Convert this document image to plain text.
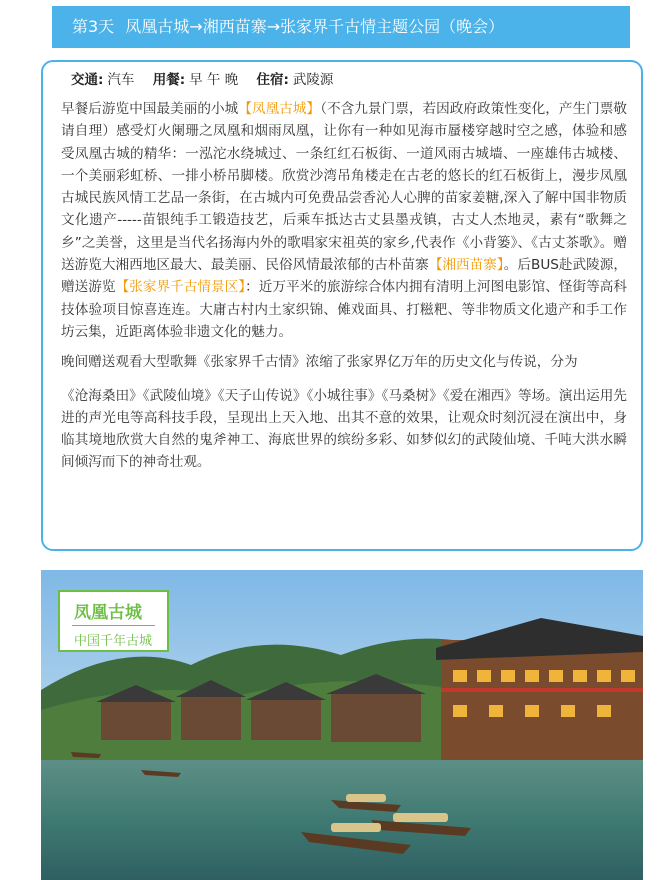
第3天 凤凰古城→湘西苗寨→张家界千古情主题公园（晚会）
交通: 汽车 用餐: 早 午 晚 住宿: 武陵源

早餐后游览中国最美丽的小城【凤凰古城】（不含九景门票，若因政府政策性变化，产生门票敬请自理）感受灯火阑珊之凤凰和烟雨凤凰，让你有一种如见海市蜃楼穿越时空之感，体验和感受凤凰古城的精华：一泓沱水绕城过、一条红红石板街、一道风雨古城墙、一座雄伟古城楼、一个美丽彩虹桥、一排小桥吊脚楼。欣赏沙湾吊角楼走在古老的悠长的红石板街上，漫步凤凰古城民族风情工艺品一条街，在古城内可免费品尝香沁人心脾的苗家姜糖,深入了解中国非物质文化遗产-----苗银纯手工锻造技艺，后乘车抵达古丈县墨戎镇，古丈人杰地灵，素有“歌舞之乡”之美誉，这里是当代名扬海内外的歌唱家宋祖英的家乡,代表作《小背篓》、《古丈茶歌》。赠送游览大湘西地区最大、最美丽、民俗风情最浓郁的古朴苗寨【湘西苗寨】。后BUS赴武陵源，赠送游览【张家界千古情景区】：近万平米的旅游综合体内拥有清明上河图电影馆、怪街等高科技体验项目惊喜连连。大庸古村内土家织锦、傩戏面具、打糍粑、等非物质文化遗产和手工作坊云集，近距离体验非遗文化的魅力。

晚间赠送观看大型歌舞《张家界千古情》浓缩了张家界亿万年的历史文化与传说，分为

《沧海桑田》《武陵仙境》《天子山传说》《小城往事》《马桑树》《爱在湘西》等场。演出运用先进的声光电等高科技手段，呈现出上天入地、出其不意的效果，让观众时刻沉浸在演出中，身临其境地欣赏大自然的鬼斧神工、海底世界的缤纷多彩、如梦似幻的武陵仙境、千吨大洪水瞬间倾泻而下的神奇壮观。

凤凰古城
中国千年古城
